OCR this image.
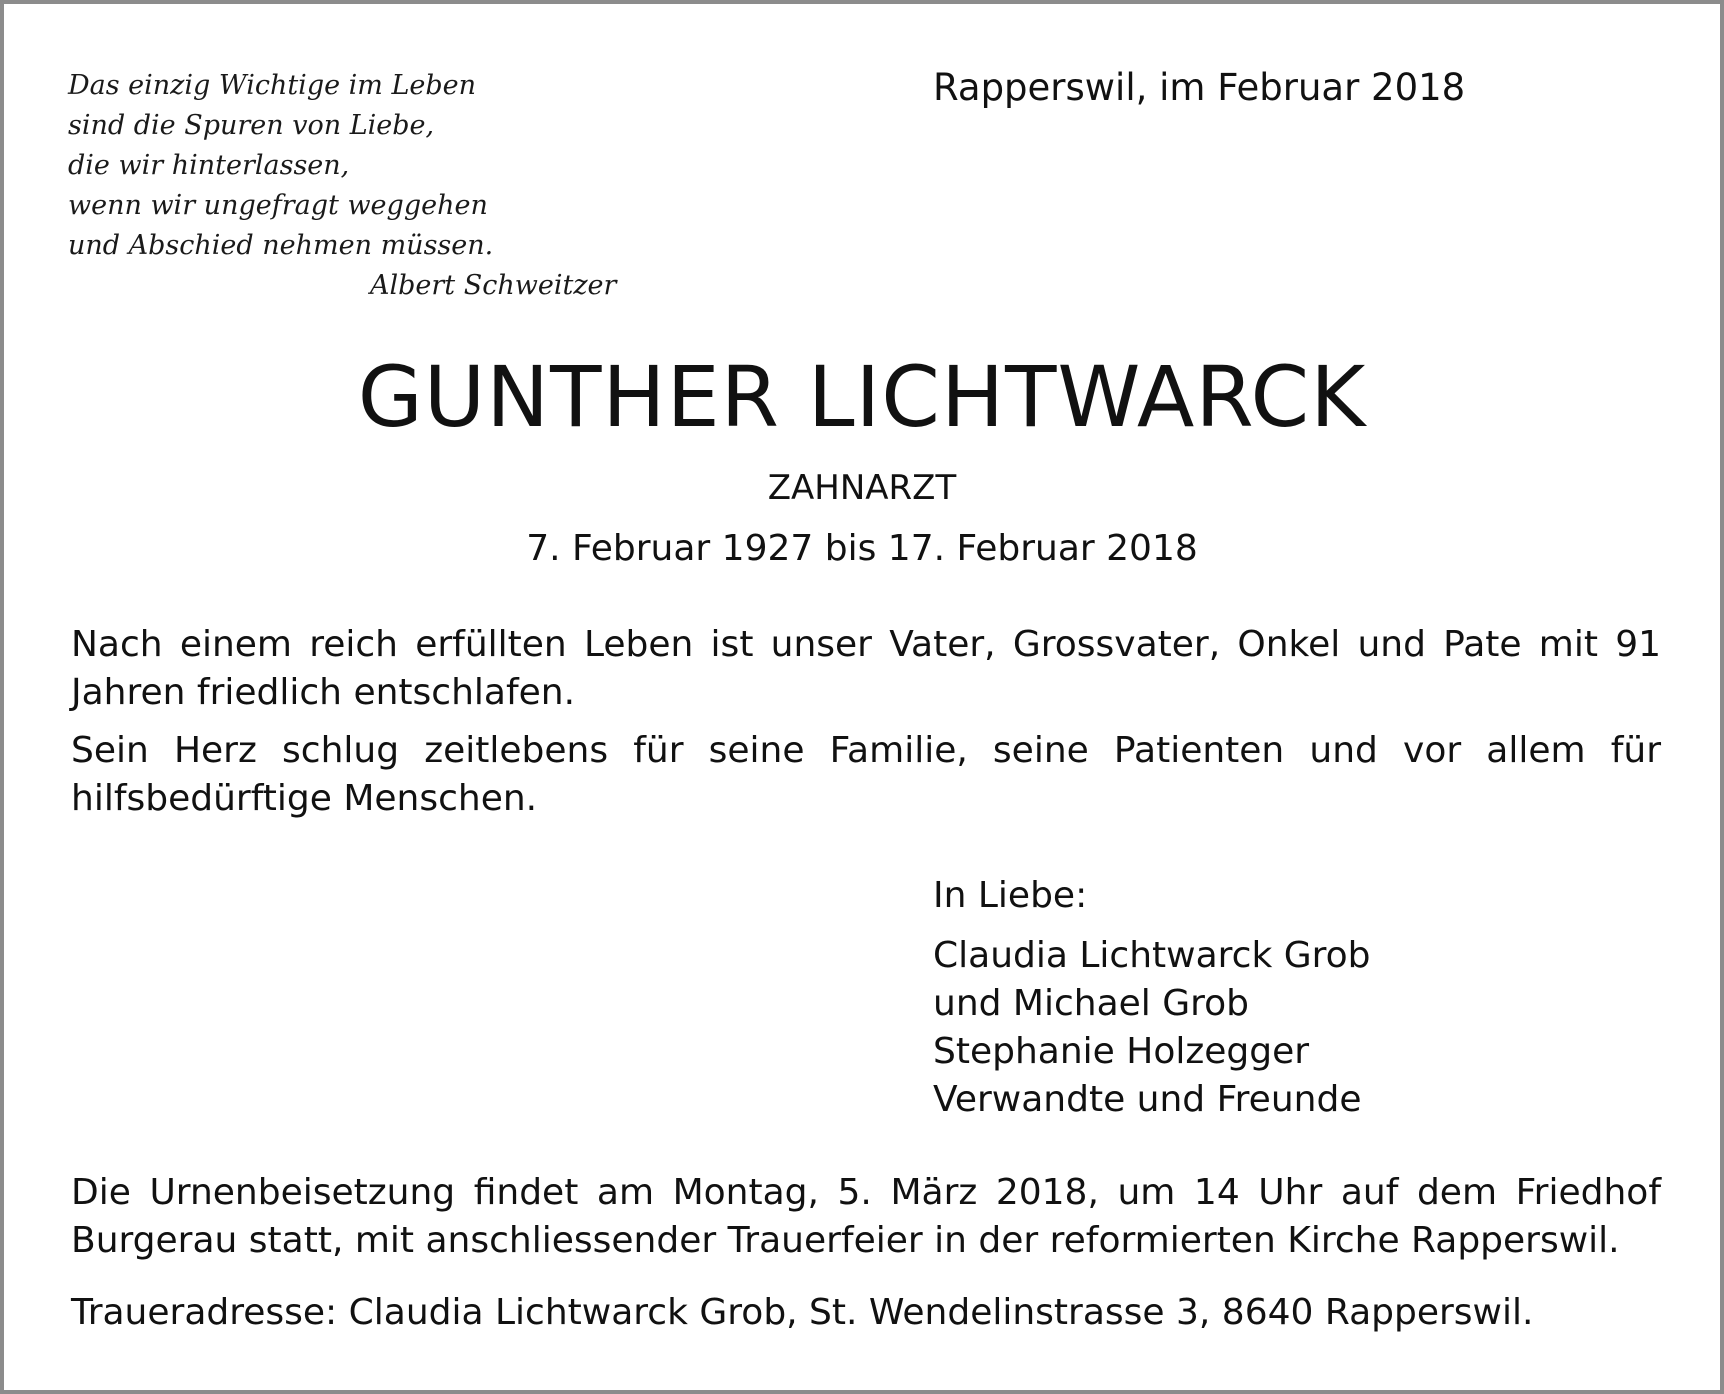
Das einzig Wichtige im Leben
sind die Spuren von Liebe,
die wir hinterlassen,
wenn wir ungefragt weggehen
und Abschied nehmen müssen.
Albert Schweitzer
Rapperswil, im Februar 2018
GUNTHER LICHTWARCK
ZAHNARZT
7. Februar 1927 bis 17. Februar 2018
Nach einem reich erfüllten Leben ist unser Vater, Grossvater, Onkel und Pate mit 91 Jahren friedlich entschlafen.
Sein Herz schlug zeitlebens für seine Familie, seine Patienten und vor allem für hilfsbedürftige Menschen.
In Liebe:
Claudia Lichtwarck Grob
und Michael Grob
Stephanie Holzegger
Verwandte und Freunde
Die Urnenbeisetzung findet am Montag, 5. März 2018, um 14 Uhr auf dem Friedhof Burgerau statt, mit anschliessender Trauerfeier in der reformierten Kirche Rapperswil.
Traueradresse: Claudia Lichtwarck Grob, St. Wendelinstrasse 3, 8640 Rapperswil.
